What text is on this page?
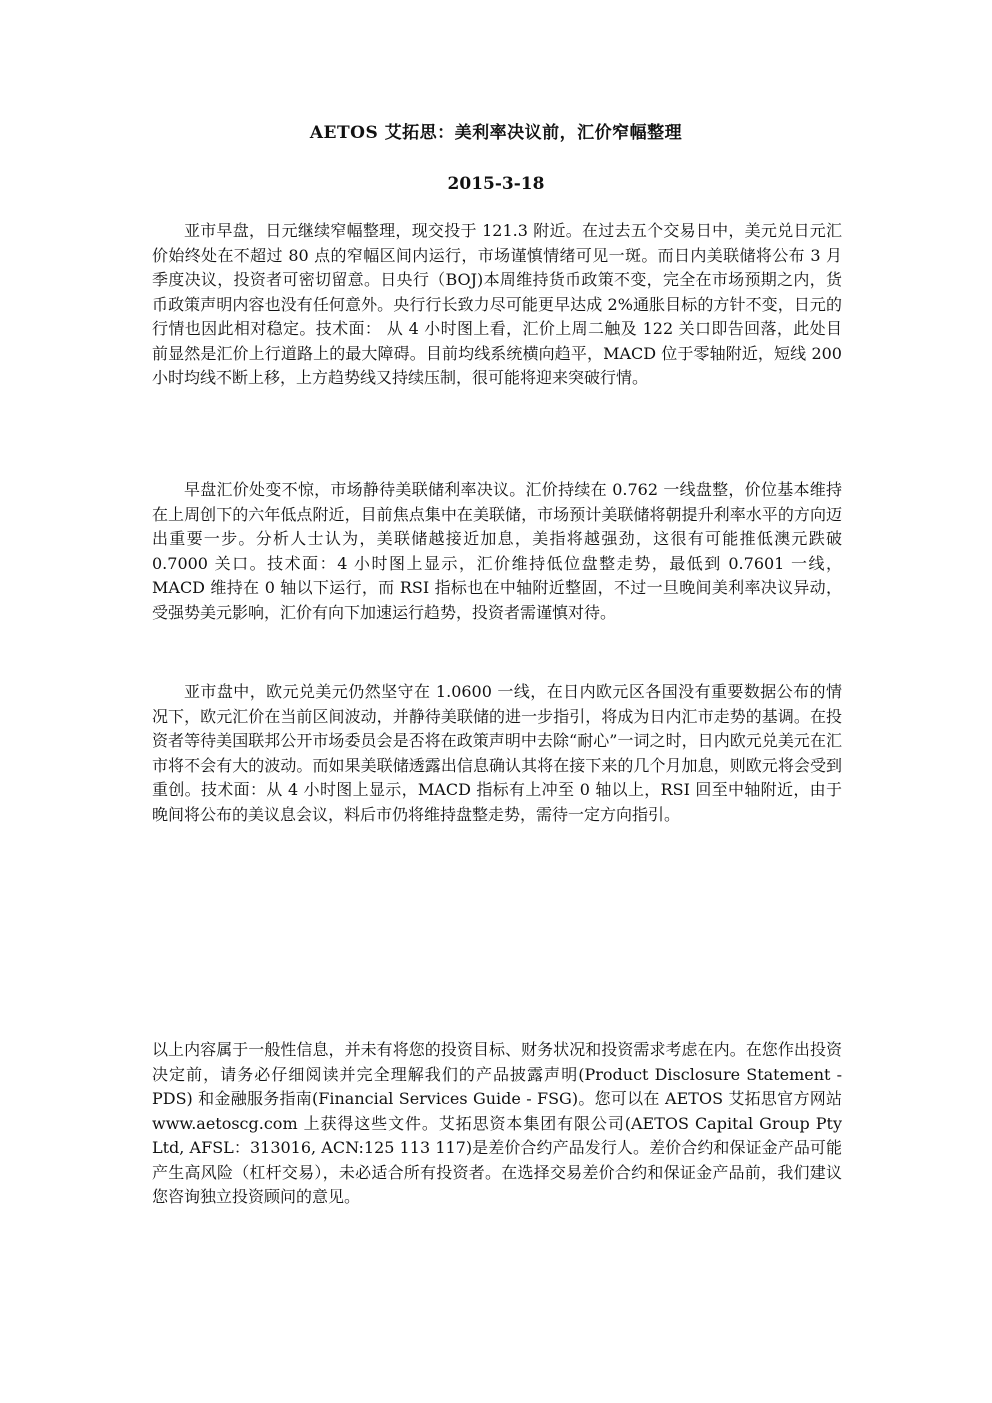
AETOS 艾拓思：美利率决议前，汇价窄幅整理
2015-3-18

亚市早盘，日元继续窄幅整理，现交投于 121.3 附近。在过去五个交易日中，美元兑日元汇价始终处在不超过 80 点的窄幅区间内运行，市场谨慎情绪可见一斑。而日内美联储将公布 3 月季度决议，投资者可密切留意。日央行（BOJ)本周维持货币政策不变，完全在市场预期之内，货币政策声明内容也没有任何意外。央行行长致力尽可能更早达成 2%通胀目标的方针不变，日元的行情也因此相对稳定。技术面： 从 4 小时图上看，汇价上周二触及 122 关口即告回落，此处目前显然是汇价上行道路上的最大障碍。目前均线系统横向趋平，MACD 位于零轴附近，短线 200 小时均线不断上移，上方趋势线又持续压制，很可能将迎来突破行情。

早盘汇价处变不惊，市场静待美联储利率决议。汇价持续在 0.762 一线盘整，价位基本维持在上周创下的六年低点附近，目前焦点集中在美联储，市场预计美联储将朝提升利率水平的方向迈出重要一步。分析人士认为，美联储越接近加息，美指将越强劲，这很有可能推低澳元跌破 0.7000 关口。技术面：4 小时图上显示，汇价维持低位盘整走势，最低到 0.7601 一线，MACD 维持在 0 轴以下运行，而 RSI 指标也在中轴附近整固，不过一旦晚间美利率决议异动，受强势美元影响，汇价有向下加速运行趋势，投资者需谨慎对待。

亚市盘中，欧元兑美元仍然坚守在 1.0600 一线，在日内欧元区各国没有重要数据公布的情况下，欧元汇价在当前区间波动，并静待美联储的进一步指引，将成为日内汇市走势的基调。在投资者等待美国联邦公开市场委员会是否将在政策声明中去除“耐心”一词之时，日内欧元兑美元在汇市将不会有大的波动。而如果美联储透露出信息确认其将在接下来的几个月加息，则欧元将会受到重创。技术面：从 4 小时图上显示，MACD 指标有上冲至 0 轴以上，RSI 回至中轴附近，由于晚间将公布的美议息会议，料后市仍将维持盘整走势，需待一定方向指引。

以上内容属于一般性信息，并未有将您的投资目标、财务状况和投资需求考虑在内。在您作出投资决定前，请务必仔细阅读并完全理解我们的产品披露声明(Product Disclosure Statement - PDS) 和金融服务指南(Financial Services Guide - FSG)。您可以在 AETOS 艾拓思官方网站 www.aetoscg.com 上获得这些文件。艾拓思资本集团有限公司(AETOS Capital Group Pty Ltd, AFSL：313016, ACN:125 113 117)是差价合约产品发行人。差价合约和保证金产品可能产生高风险（杠杆交易），未必适合所有投资者。在选择交易差价合约和保证金产品前，我们建议您咨询独立投资顾问的意见。
